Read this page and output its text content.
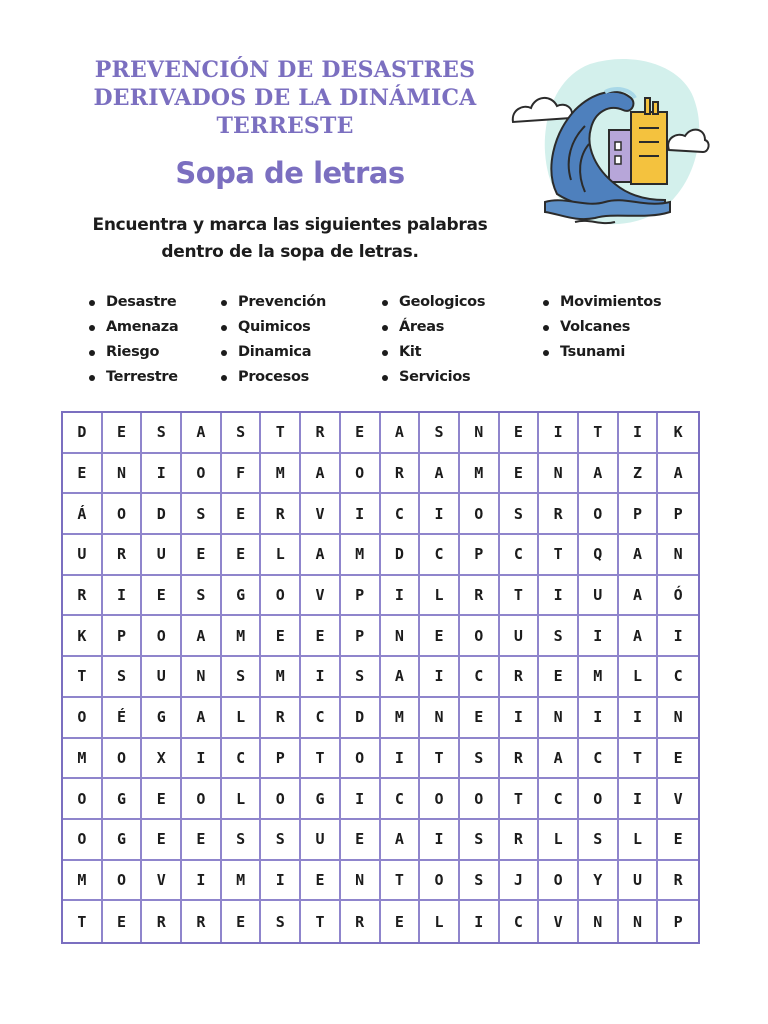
PREVENCIÓN DE DESASTRES
DERIVADOS DE LA DINÁMICA
TERRESTE
Sopa de letras
Encuentra y marca las siguientes palabras
dentro de la sopa de letras.
Desastre
Amenaza
Riesgo
Terrestre
Prevención
Quimicos
Dinamica
Procesos
Geologicos
Áreas
Kit
Servicios
Movimientos
Volcanes
Tsunami
D	E	S	A	S	T	R	E	A	S	N	E	I	T	I	K
E	N	I	O	F	M	A	O	R	A	M	E	N	A	Z	A
Á	O	D	S	E	R	V	I	C	I	O	S	R	O	P	P
U	R	U	E	E	L	A	M	D	C	P	C	T	Q	A	N
R	I	E	S	G	O	V	P	I	L	R	T	I	U	A	Ó
K	P	O	A	M	E	E	P	N	E	O	U	S	I	A	I
T	S	U	N	S	M	I	S	A	I	C	R	E	M	L	C
O	É	G	A	L	R	C	D	M	N	E	I	N	I	I	N
M	O	X	I	C	P	T	O	I	T	S	R	A	C	T	E
O	G	E	O	L	O	G	I	C	O	O	T	C	O	I	V
O	G	E	E	S	S	U	E	A	I	S	R	L	S	L	E
M	O	V	I	M	I	E	N	T	O	S	J	O	Y	U	R
T	E	R	R	E	S	T	R	E	L	I	C	V	N	N	P
